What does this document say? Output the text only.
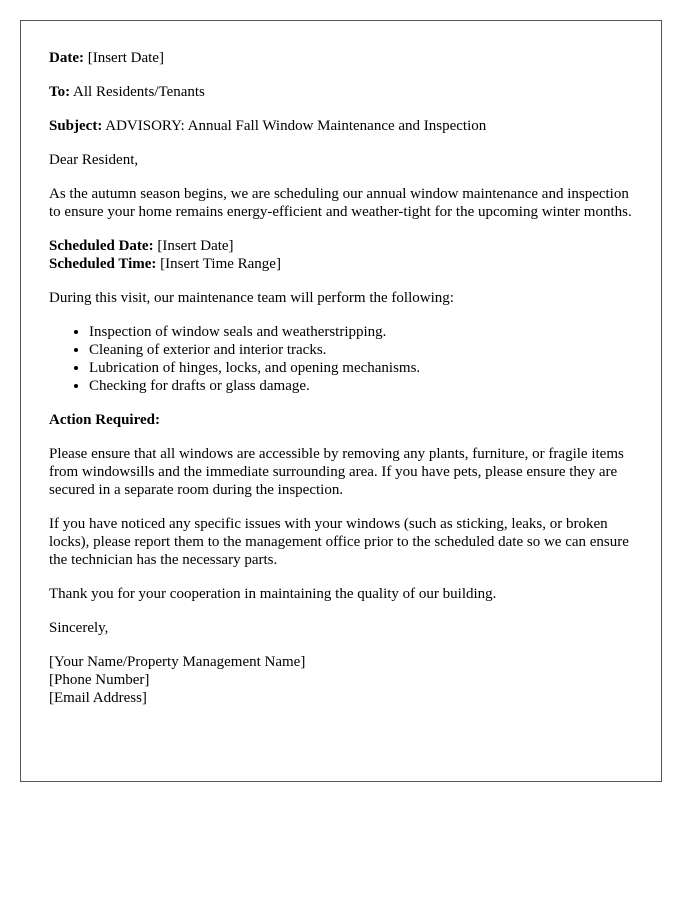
Date: [Insert Date]

To: All Residents/Tenants

Subject: ADVISORY: Annual Fall Window Maintenance and Inspection

Dear Resident,

As the autumn season begins, we are scheduling our annual window maintenance and inspection to ensure your home remains energy-efficient and weather-tight for the upcoming winter months.

Scheduled Date: [Insert Date]
Scheduled Time: [Insert Time Range]

During this visit, our maintenance team will perform the following:

• Inspection of window seals and weatherstripping.
• Cleaning of exterior and interior tracks.
• Lubrication of hinges, locks, and opening mechanisms.
• Checking for drafts or glass damage.

Action Required:

Please ensure that all windows are accessible by removing any plants, furniture, or fragile items from windowsills and the immediate surrounding area. If you have pets, please ensure they are secured in a separate room during the inspection.

If you have noticed any specific issues with your windows (such as sticking, leaks, or broken locks), please report them to the management office prior to the scheduled date so we can ensure the technician has the necessary parts.

Thank you for your cooperation in maintaining the quality of our building.

Sincerely,

[Your Name/Property Management Name]
[Phone Number]
[Email Address]
